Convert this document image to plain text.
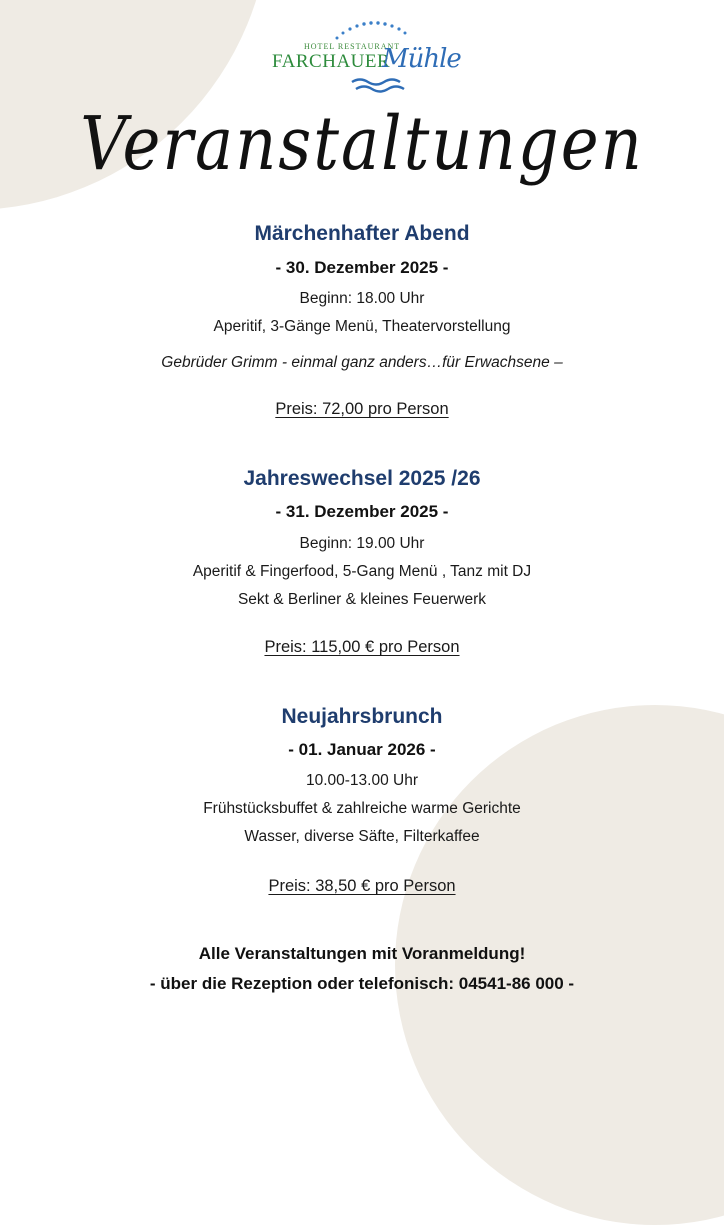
HOTEL RESTAURANT
FARCHAUER
Mühle
Veranstaltungen
Märchenhafter Abend
- 30. Dezember 2025 -
Beginn: 18.00 Uhr
Aperitif, 3-Gänge Menü, Theatervorstellung
Gebrüder Grimm - einmal ganz anders…für Erwachsene –
Preis: 72,00 pro Person
Jahreswechsel 2025 /26
- 31. Dezember 2025 -
Beginn: 19.00 Uhr
Aperitif & Fingerfood, 5-Gang Menü , Tanz mit DJ
Sekt & Berliner & kleines Feuerwerk
Preis: 115,00 € pro Person
Neujahrsbrunch
- 01. Januar 2026 -
10.00-13.00 Uhr
Frühstücksbuffet & zahlreiche warme Gerichte
Wasser, diverse Säfte, Filterkaffee
Preis: 38,50 € pro Person
Alle Veranstaltungen mit Voranmeldung!
- über die Rezeption oder telefonisch: 04541-86 000 -
